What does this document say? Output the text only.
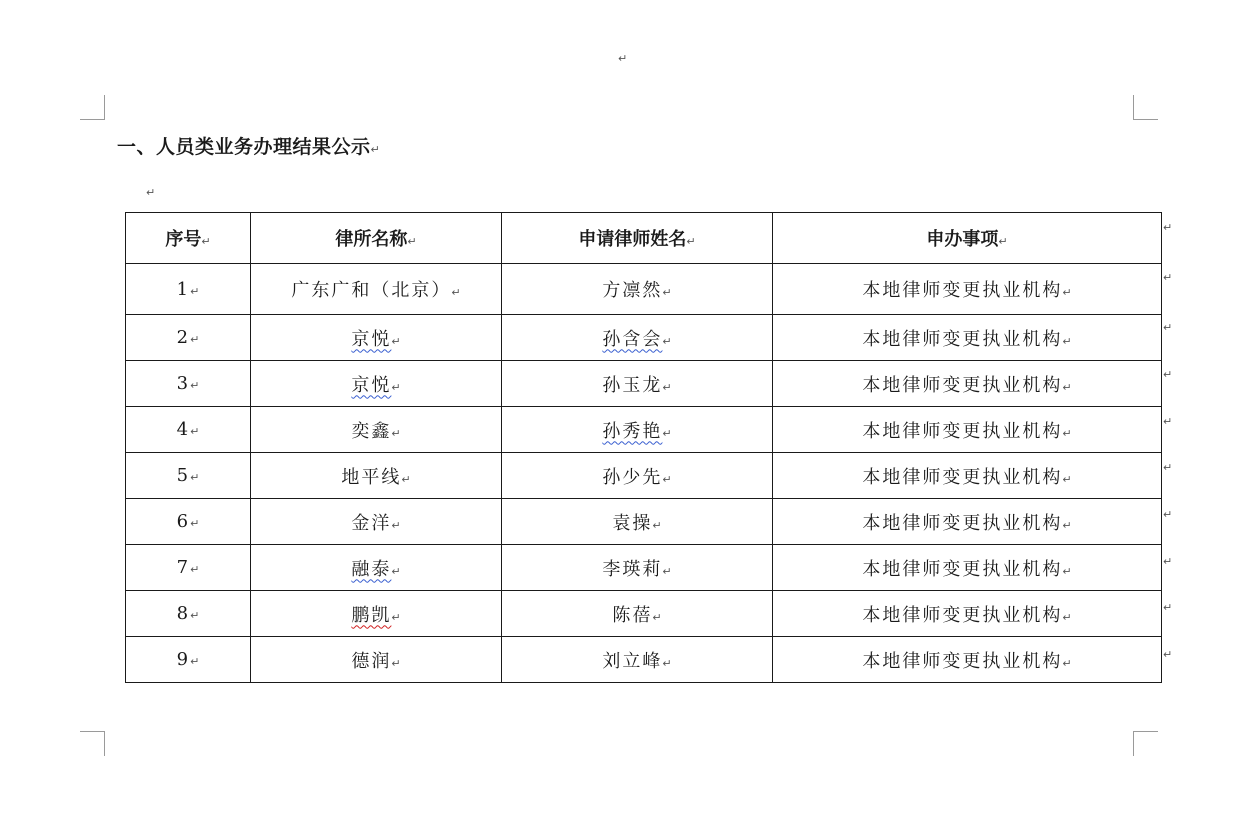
↵
一、人员类业务办理结果公示↵
↵
序号↵	律所名称↵	申请律师姓名↵	申办事项↵
1↵	广东广和（北京）↵	方凛然↵	本地律师变更执业机构↵
2↵	京悦↵	孙含会↵	本地律师变更执业机构↵
3↵	京悦↵	孙玉龙↵	本地律师变更执业机构↵
4↵	奕鑫↵	孙秀艳↵	本地律师变更执业机构↵
5↵	地平线↵	孙少先↵	本地律师变更执业机构↵
6↵	金洋↵	袁操↵	本地律师变更执业机构↵
7↵	融泰↵	李瑛莉↵	本地律师变更执业机构↵
8↵	鹏凯↵	陈蓓↵	本地律师变更执业机构↵
9↵	德润↵	刘立峰↵	本地律师变更执业机构↵
↵
↵
↵
↵
↵
↵
↵
↵
↵
↵
